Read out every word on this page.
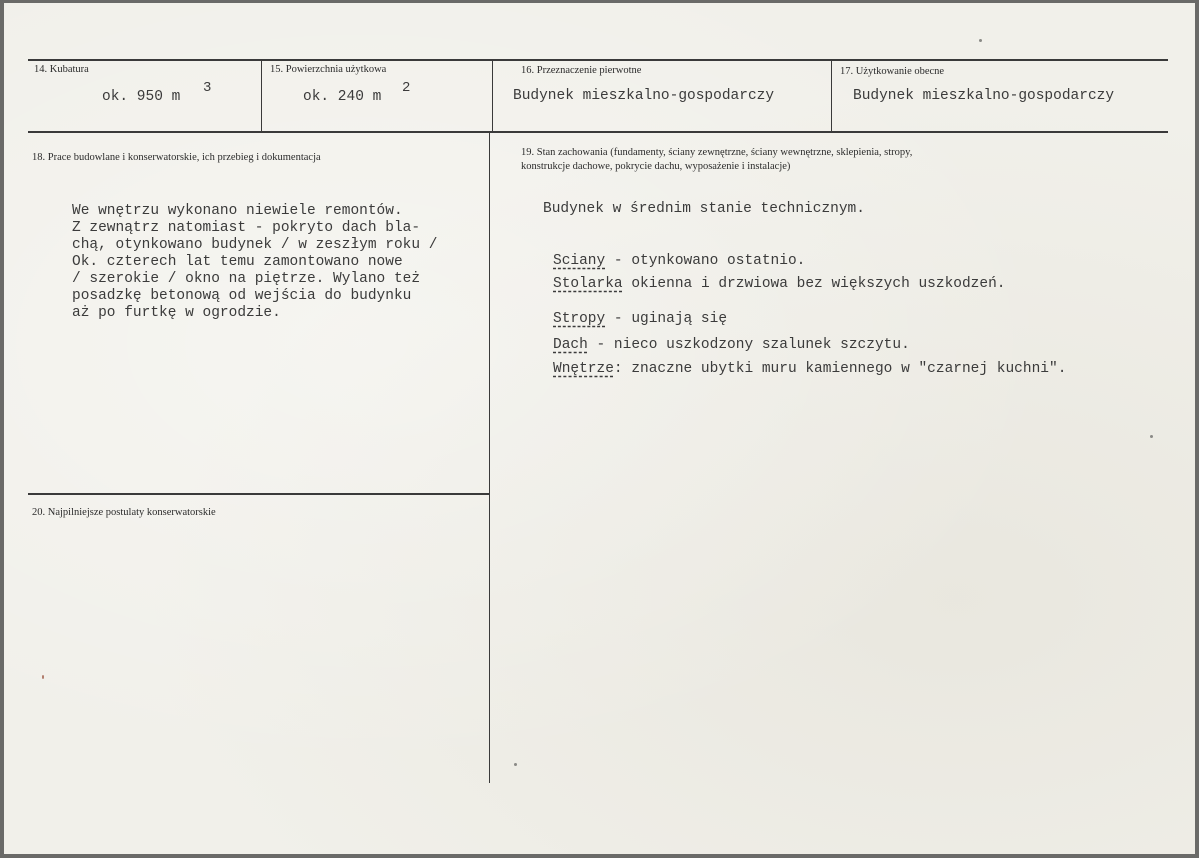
14. Kubatura
ok. 950 m
3
15. Powierzchnia użytkowa
ok. 240 m
2
16. Przeznaczenie pierwotne
Budynek mieszkalno-gospodarczy
17. Użytkowanie obecne
Budynek mieszkalno-gospodarczy
18. Prace budowlane i konserwatorskie, ich przebieg i dokumentacja
We wnętrzu wykonano niewiele remontów.
Z zewnątrz natomiast - pokryto dach bla-
chą, otynkowano budynek / w zeszłym roku /
Ok. czterech lat temu zamontowano nowe
/ szerokie / okno na piętrze. Wylano też
posadzkę betonową od wejścia do budynku
aż po furtkę w ogrodzie.
19. Stan zachowania (fundamenty, ściany zewnętrzne, ściany wewnętrzne, sklepienia, stropy,
konstrukcje dachowe, pokrycie dachu, wyposażenie i instalacje)
Budynek w średnim stanie technicznym.
Sciany - otynkowano ostatnio.
Stolarka okienna i drzwiowa bez większych uszkodzeń.
Stropy - uginają się
Dach - nieco uszkodzony szalunek szczytu.
Wnętrze: znaczne ubytki muru kamiennego w "czarnej kuchni".
20. Najpilniejsze postulaty konserwatorskie
